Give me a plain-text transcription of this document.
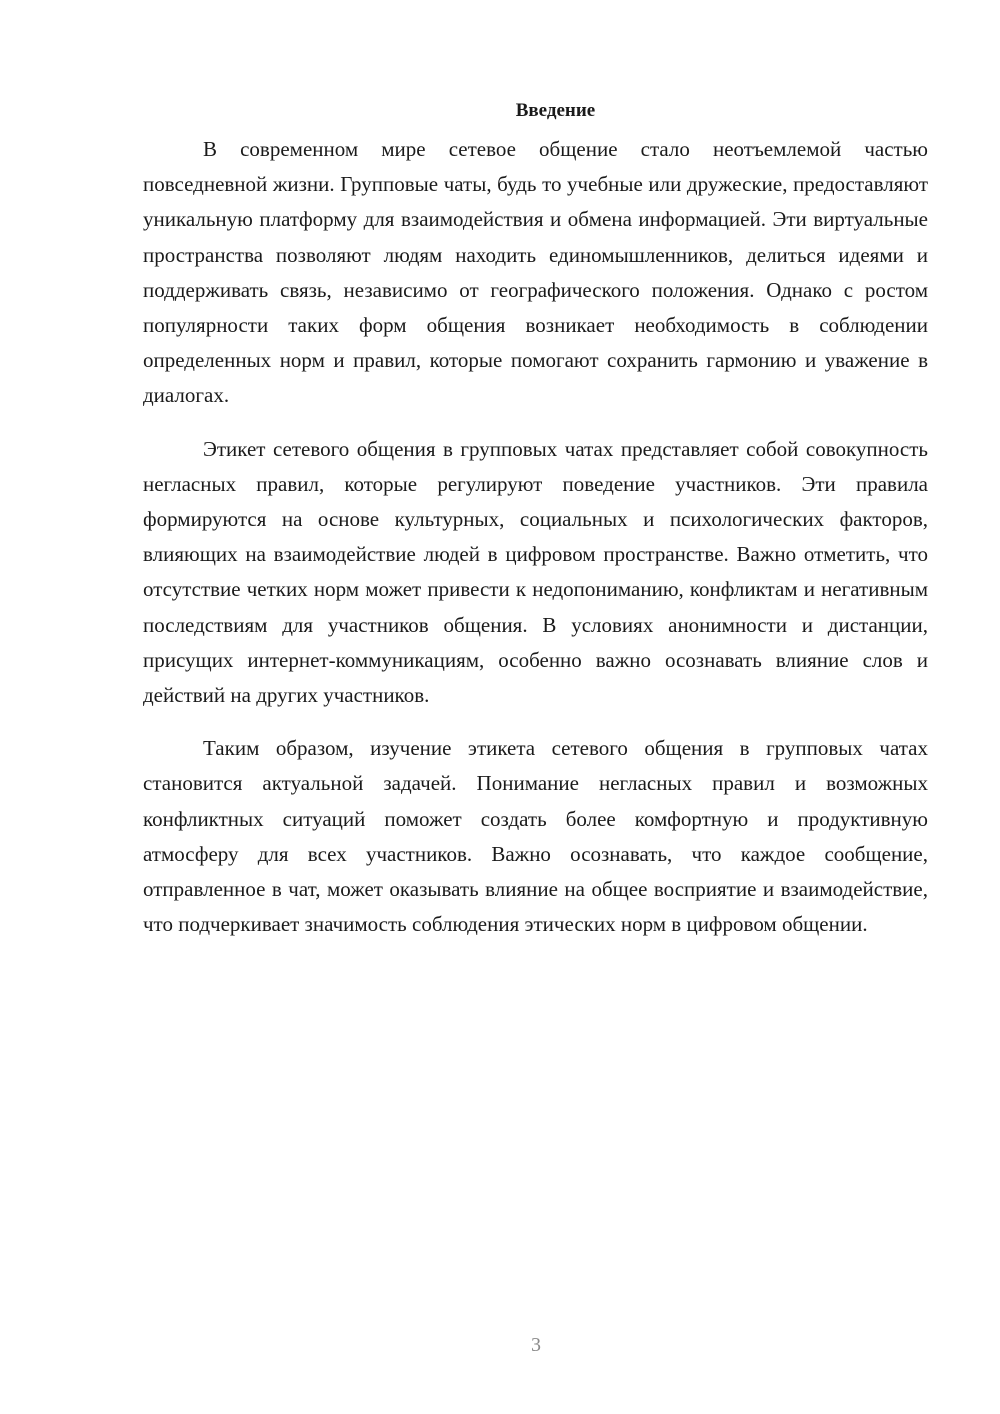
Введение

В современном мире сетевое общение стало неотъемлемой частью повседневной жизни. Групповые чаты, будь то учебные или дружеские, предоставляют уникальную платформу для взаимодействия и обмена информацией. Эти виртуальные пространства позволяют людям находить единомышленников, делиться идеями и поддерживать связь, независимо от географического положения. Однако с ростом популярности таких форм общения возникает необходимость в соблюдении определенных норм и правил, которые помогают сохранить гармонию и уважение в диалогах.

Этикет сетевого общения в групповых чатах представляет собой совокупность негласных правил, которые регулируют поведение участников. Эти правила формируются на основе культурных, социальных и психологических факторов, влияющих на взаимодействие людей в цифровом пространстве. Важно отметить, что отсутствие четких норм может привести к недопониманию, конфликтам и негативным последствиям для участников общения. В условиях анонимности и дистанции, присущих интернет-коммуникациям, особенно важно осознавать влияние слов и действий на других участников.

Таким образом, изучение этикета сетевого общения в групповых чатах становится актуальной задачей. Понимание негласных правил и возможных конфликтных ситуаций поможет создать более комфортную и продуктивную атмосферу для всех участников. Важно осознавать, что каждое сообщение, отправленное в чат, может оказывать влияние на общее восприятие и взаимодействие, что подчеркивает значимость соблюдения этических норм в цифровом общении.

3
